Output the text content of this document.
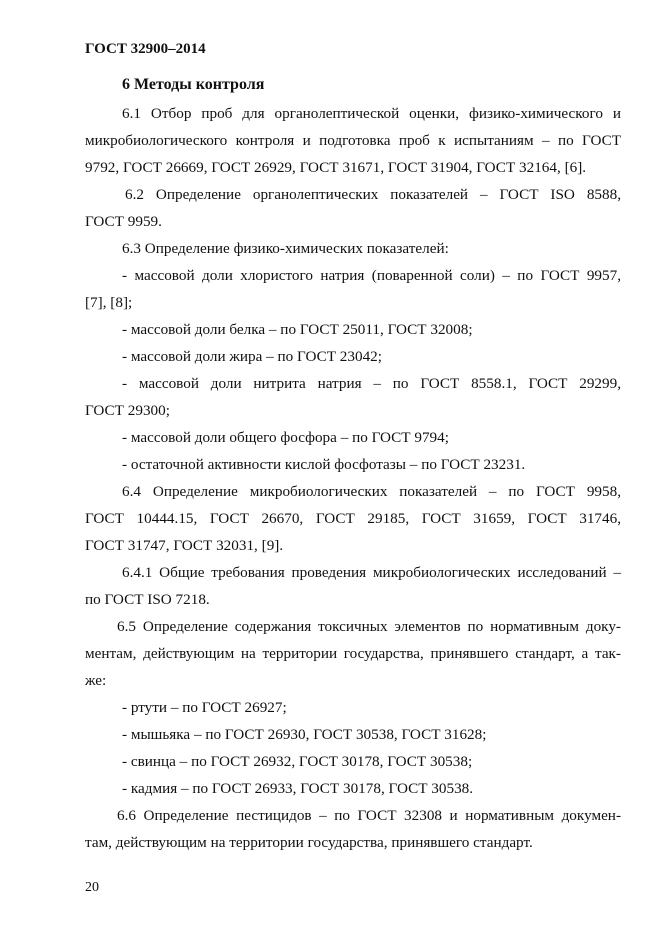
ГОСТ 32900–2014
6 Методы контроля
6.1 Отбор проб для органолептической оценки, физико-химического и
микробиологического контроля и подготовка проб к испытаниям – по ГОСТ
9792, ГОСТ 26669, ГОСТ 26929, ГОСТ 31671, ГОСТ 31904, ГОСТ 32164, [6].
6.2 Определение органолептических показателей – ГОСТ ISO 8588,
ГОСТ 9959.
6.3 Определение физико-химических показателей:
- массовой доли хлористого натрия (поваренной соли) – по ГОСТ 9957,
[7], [8];
- массовой доли белка – по ГОСТ 25011, ГОСТ 32008;
- массовой доли жира – по ГОСТ 23042;
- массовой доли нитрита натрия – по ГОСТ 8558.1, ГОСТ 29299,
ГОСТ 29300;
- массовой доли общего фосфора – по ГОСТ 9794;
- остаточной активности кислой фосфотазы – по ГОСТ 23231.
6.4 Определение микробиологических показателей – по ГОСТ 9958,
ГОСТ 10444.15, ГОСТ 26670, ГОСТ 29185, ГОСТ 31659, ГОСТ 31746,
ГОСТ 31747, ГОСТ 32031, [9].
6.4.1 Общие требования проведения микробиологических исследований –
по ГОСТ ISO 7218.
6.5 Определение содержания токсичных элементов по нормативным доку-
ментам, действующим на территории государства, принявшего стандарт, а так-
же:
- ртути – по ГОСТ 26927;
- мышьяка – по ГОСТ 26930, ГОСТ 30538, ГОСТ 31628;
- свинца – по ГОСТ 26932, ГОСТ 30178, ГОСТ 30538;
- кадмия – по ГОСТ 26933, ГОСТ 30178, ГОСТ 30538.
6.6 Определение пестицидов – по ГОСТ 32308 и нормативным докумен-
там, действующим на территории государства, принявшего стандарт.
20
